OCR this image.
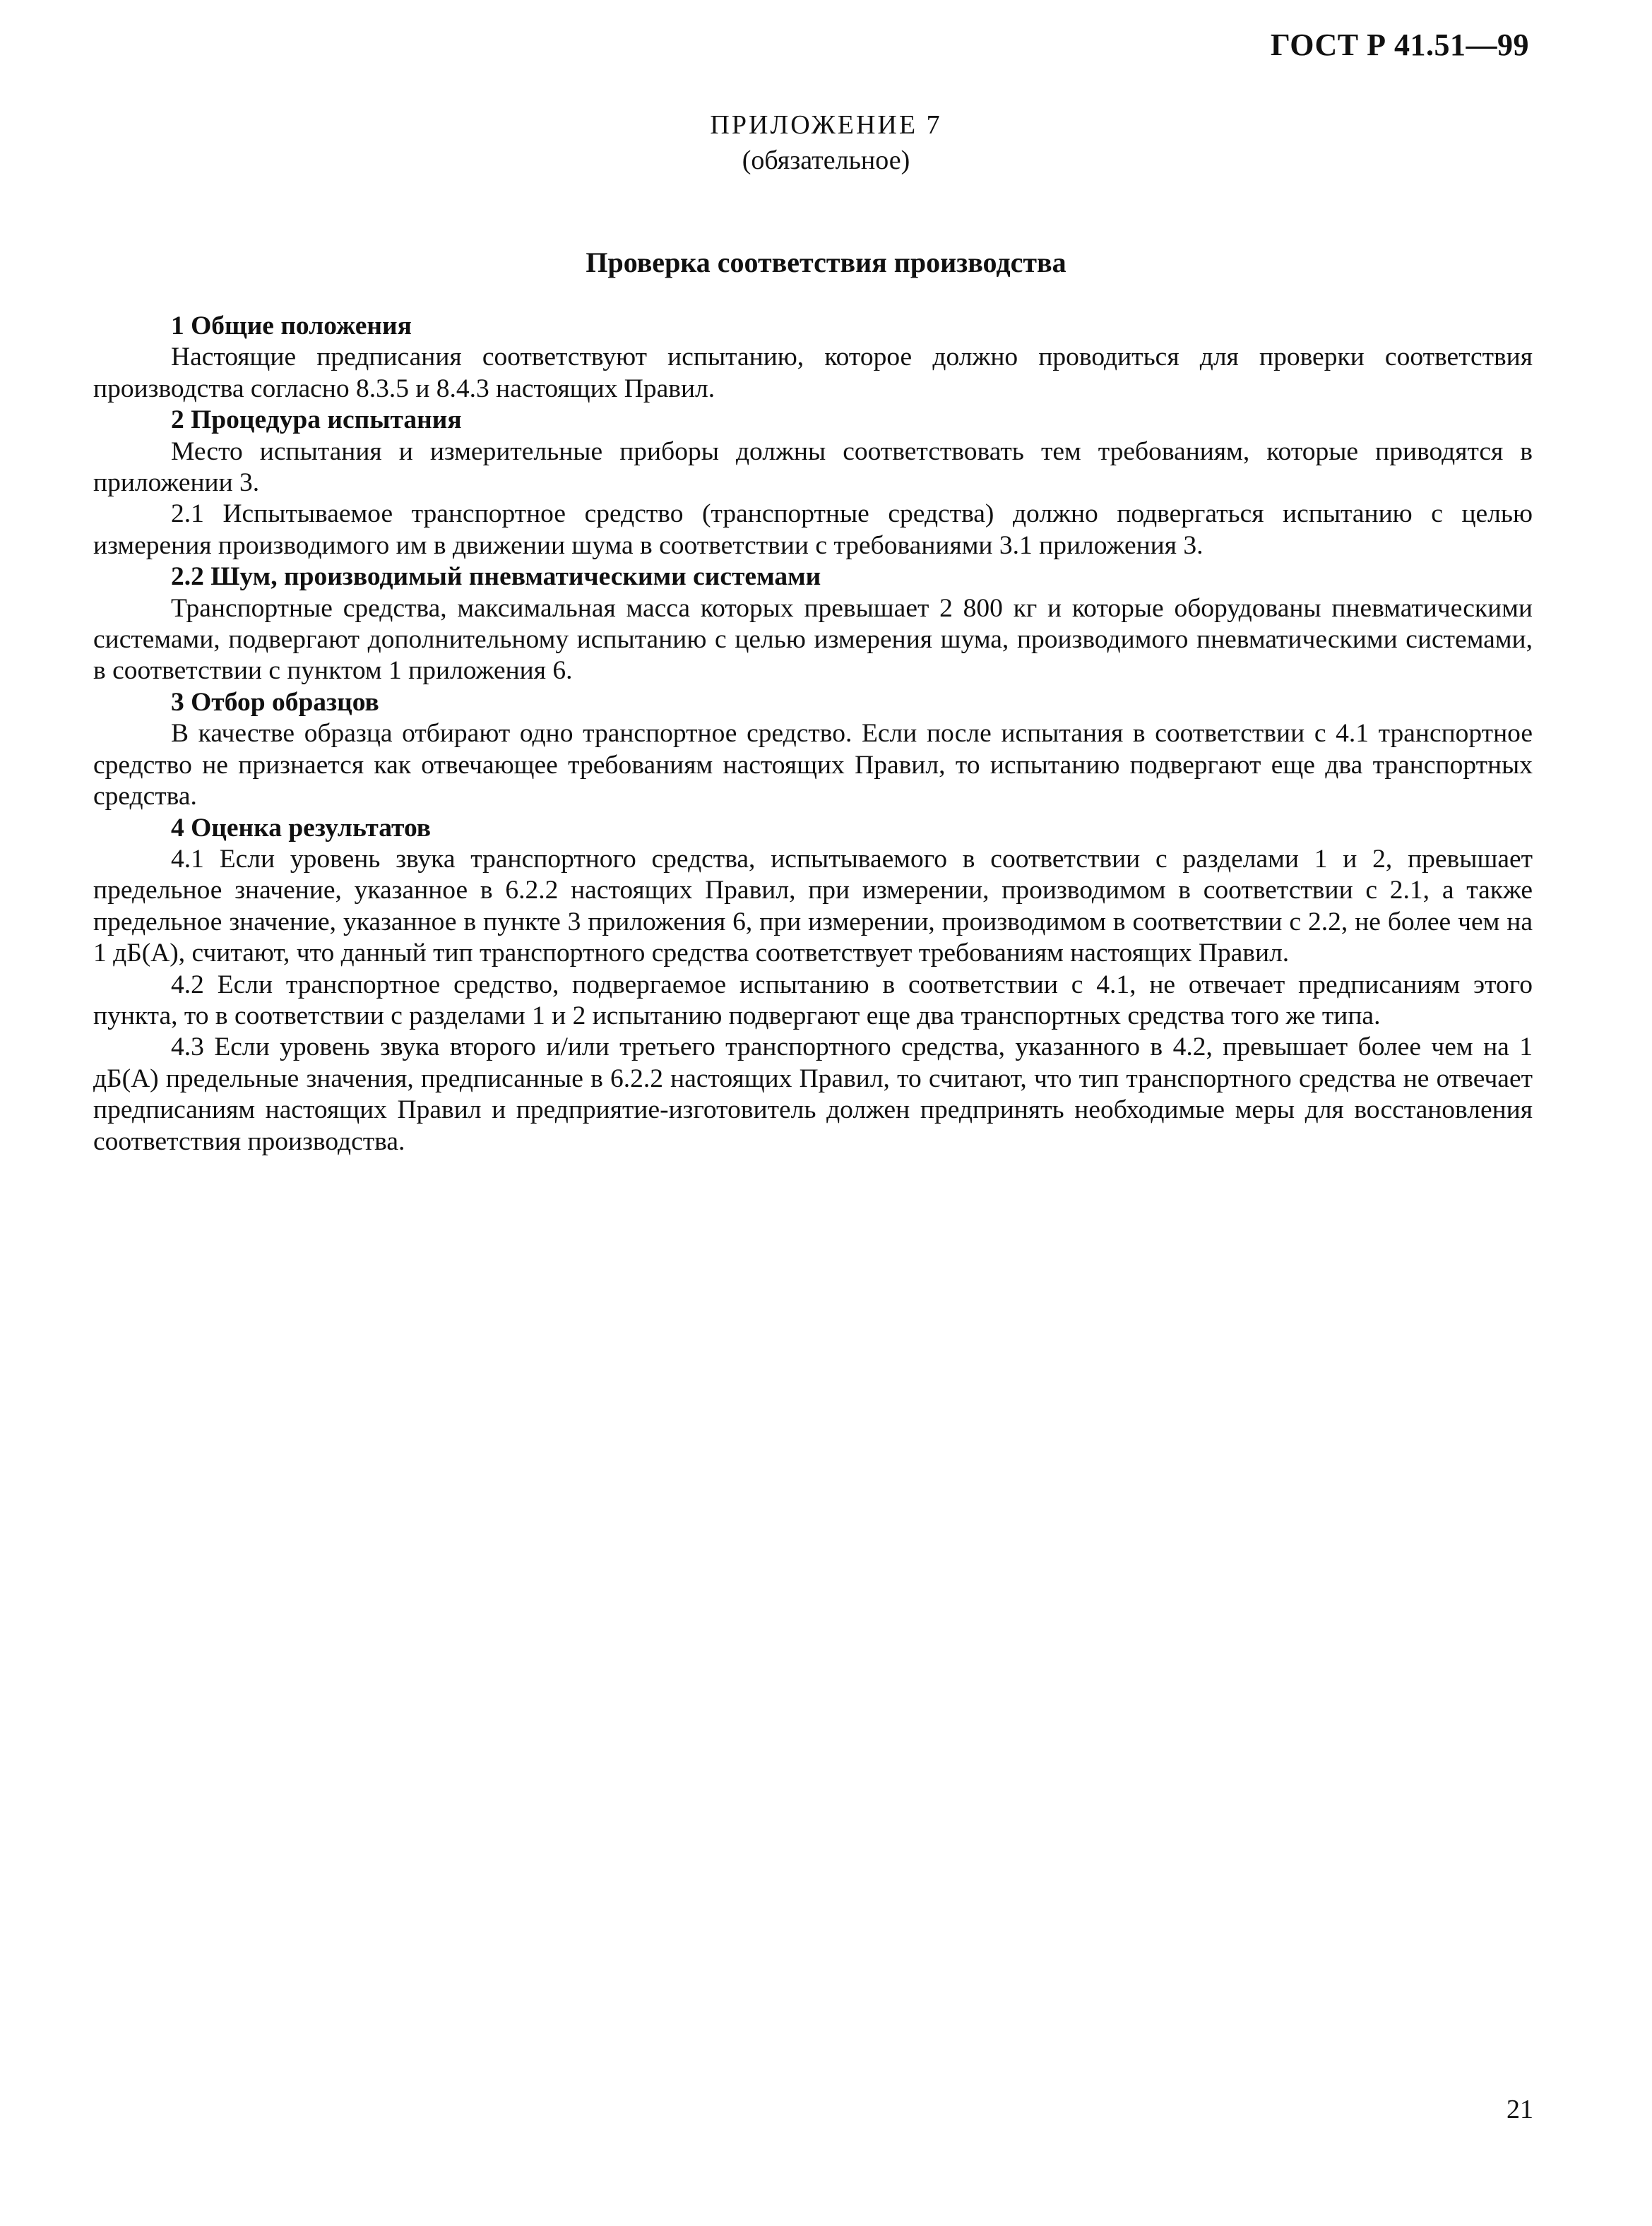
ГОСТ Р 41.51—99
ПРИЛОЖЕНИЕ 7
(обязательное)
Проверка соответствия производства
1 Общие положения

Настоящие предписания соответствуют испытанию, которое должно проводиться для проверки соответствия производства согласно 8.3.5 и 8.4.3 настоящих Правил.

2 Процедура испытания

Место испытания и измерительные приборы должны соответствовать тем требованиям, которые приводятся в приложении 3.

2.1 Испытываемое транспортное средство (транспортные средства) должно подвергаться испытанию с целью измерения производимого им в движении шума в соответствии с требованиями 3.1 приложения 3.

2.2 Шум, производимый пневматическими системами

Транспортные средства, максимальная масса которых превышает 2 800 кг и которые оборудованы пневматическими системами, подвергают дополнительному испытанию с целью измерения шума, производимого пневматическими системами, в соответствии с пунктом 1 приложения 6.

3 Отбор образцов

В качестве образца отбирают одно транспортное средство. Если после испытания в соответствии с 4.1 транспортное средство не признается как отвечающее требованиям настоящих Правил, то испытанию подвергают еще два транспортных средства.

4 Оценка результатов

4.1 Если уровень звука транспортного средства, испытываемого в соответствии с разделами 1 и 2, превышает предельное значение, указанное в 6.2.2 настоящих Правил, при измерении, производимом в соответствии с 2.1, а также предельное значение, указанное в пункте 3 приложения 6, при измерении, производимом в соответствии с 2.2, не более чем на 1 дБ(А), считают, что данный тип транспортного средства соответствует требованиям настоящих Правил.

4.2 Если транспортное средство, подвергаемое испытанию в соответствии с 4.1, не отвечает предписаниям этого пункта, то в соответствии с разделами 1 и 2 испытанию подвергают еще два транспортных средства того же типа.

4.3 Если уровень звука второго и/или третьего транспортного средства, указанного в 4.2, превышает более чем на 1 дБ(А) предельные значения, предписанные в 6.2.2 настоящих Правил, то считают, что тип транспортного средства не отвечает предписаниям настоящих Правил и предприятие-изготовитель должен предпринять необходимые меры для восстановления соответствия производства.

21
